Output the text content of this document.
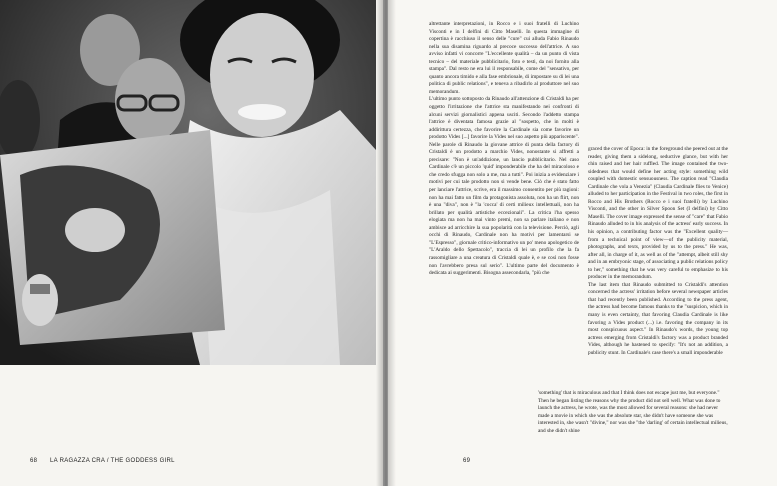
68 LA RAGAZZA CRA / THE GODDESS GIRL

altrettante interpretazioni, in Rocco e i suoi fratelli di Luchino Visconti e in I delfini di Citto Maselli. In questa immagine di copertina è racchiuso il senso delle "cure" cui alluda Fabio Rinaudo nella sua disamina riguardo al precoce successo dell'attrice. A suo avviso infatti vi concorre "L'eccellente qualità – da un punto di vista tecnico – del materiale pubblicitario, foto e testi, da noi fornito alla stampa". Dal resto ne era lui il responsabile, come del "sensativo, per quanto ancora timido e alla fase embrionale, di impostare su di lei una politica di public relations", e teneva a ribadirlo al produttore nel suo memorandum.

L'ultimo punto sottoposto da Rinaudo all'attenzione di Cristaldi ha per oggetto l'irritazione che l'attrice sta manifestando nei confronti di alcuni servizi giornalistici appena usciti. Secondo l'addetto stampa l'attrice è diventata famosa grazie al "sospetto, che in molti è addirittura certezza, che favorire la Cardinale sia come favorire un prodotto Vides [...] favorire la Vides nel suo aspetto più appariscente". Nelle parole di Rinaudo la giovane attrice di punta della factory di Cristaldi è un prodotto a marchio Vides, nonostante si affretti a precisare: "Non è un'addizione, un lancio pubblicitario. Nel caso Cardinale c'è un piccolo 'quid' imponderabile che ha del miracoloso e che credo sfugga non solo a me, ma a tutti". Poi inizia a evidenziare i motivi per cui tale prodotto non si vende bene. Ciò che è stato fatto per lanciare l'attrice, scrive, era il massimo consentito per più ragioni: non ha mai fatto un film da protagonista assoluta, non ha un flirt, non è una "diva", non è "la 'cocca' di certi milieux intellettuali, non ha brillato per qualità artistiche eccezionali". La critica l'ha spesso elogiata ma non ha mai vinto premi, non sa parlare italiano e non ambisce ad arricchire la sua popolarità con la televisione. Perciò, agli occhi di Rinaudo, Cardinale non ha motivi per lamentarsi se "L'Espresso", giornale critico-informativo un po' meno apologetico de "L'Araldo dello Spettacolo", traccia di lei un profilo che la fa rassomigliare a una creatura di Cristaldi quale è, e se così non fosse non l'avrebbero presa sul serio". L'ultimo parte del documento è dedicata ai suggerimenti. Bisogna assecondarla, "più che

graced the cover of Epoca: in the foreground she peered out at the reader, giving them a sidelong, seductive glance, but with her chin raised and her hair ruffled. The image contained the two-sidedness that would define her acting style: something wild coupled with domestic sensuousness. The caption read "Claudia Cardinale che vola a Venezia" (Claudia Cardinale flies to Venice) alluded to her participation in the Festival in two roles, the first in Rocco and His Brothers (Rocco e i suoi fratelli) by Luchino Visconti, and the other in Silver Spoon Set (I delfini) by Citto Maselli. The cover image expressed the sense of "care" that Fabio Rinaudo alluded to in his analysis of the actress' early success. In his opinion, a contributing factor was the "Excellent quality—from a technical point of view—of the publicity material, photographs, and texts, provided by us to the press." He was, after all, in charge of it, as well as of the "attempt, albeit still shy and in an embryonic stage, of associating a public relations policy to her," something that he was very careful to emphasize to his producer in the memorandum.

The last item that Rinaudo submitted to Cristaldi's attention concerned the actress' irritation before several newspaper articles that had recently been published. According to the press agent, the actress had become famous thanks to the "suspicion, which in many is even certainty, that favoring Claudia Cardinale is like favoring a Vides product (...) i.e. favoring the company in its most conspicuous aspect." In Rinaudo's words, the young top actress emerging from Cristaldi's factory was a product branded Vides, although he hastened to specify: "It's not an addition, a publicity stunt. In Cardinale's case there's a small imponderable

'something' that is miraculous and that I think does not escape just me, but everyone." Then he began listing the reasons why the product did not sell well. What was done to launch the actress, he wrote, was the most allowed for several reasons: she had never made a movie in which she was the absolute star, she didn't have someone she was interested in, she wasn't "divine," nor was she "the 'darling' of certain intellectual milieus, and she didn't shine

69
